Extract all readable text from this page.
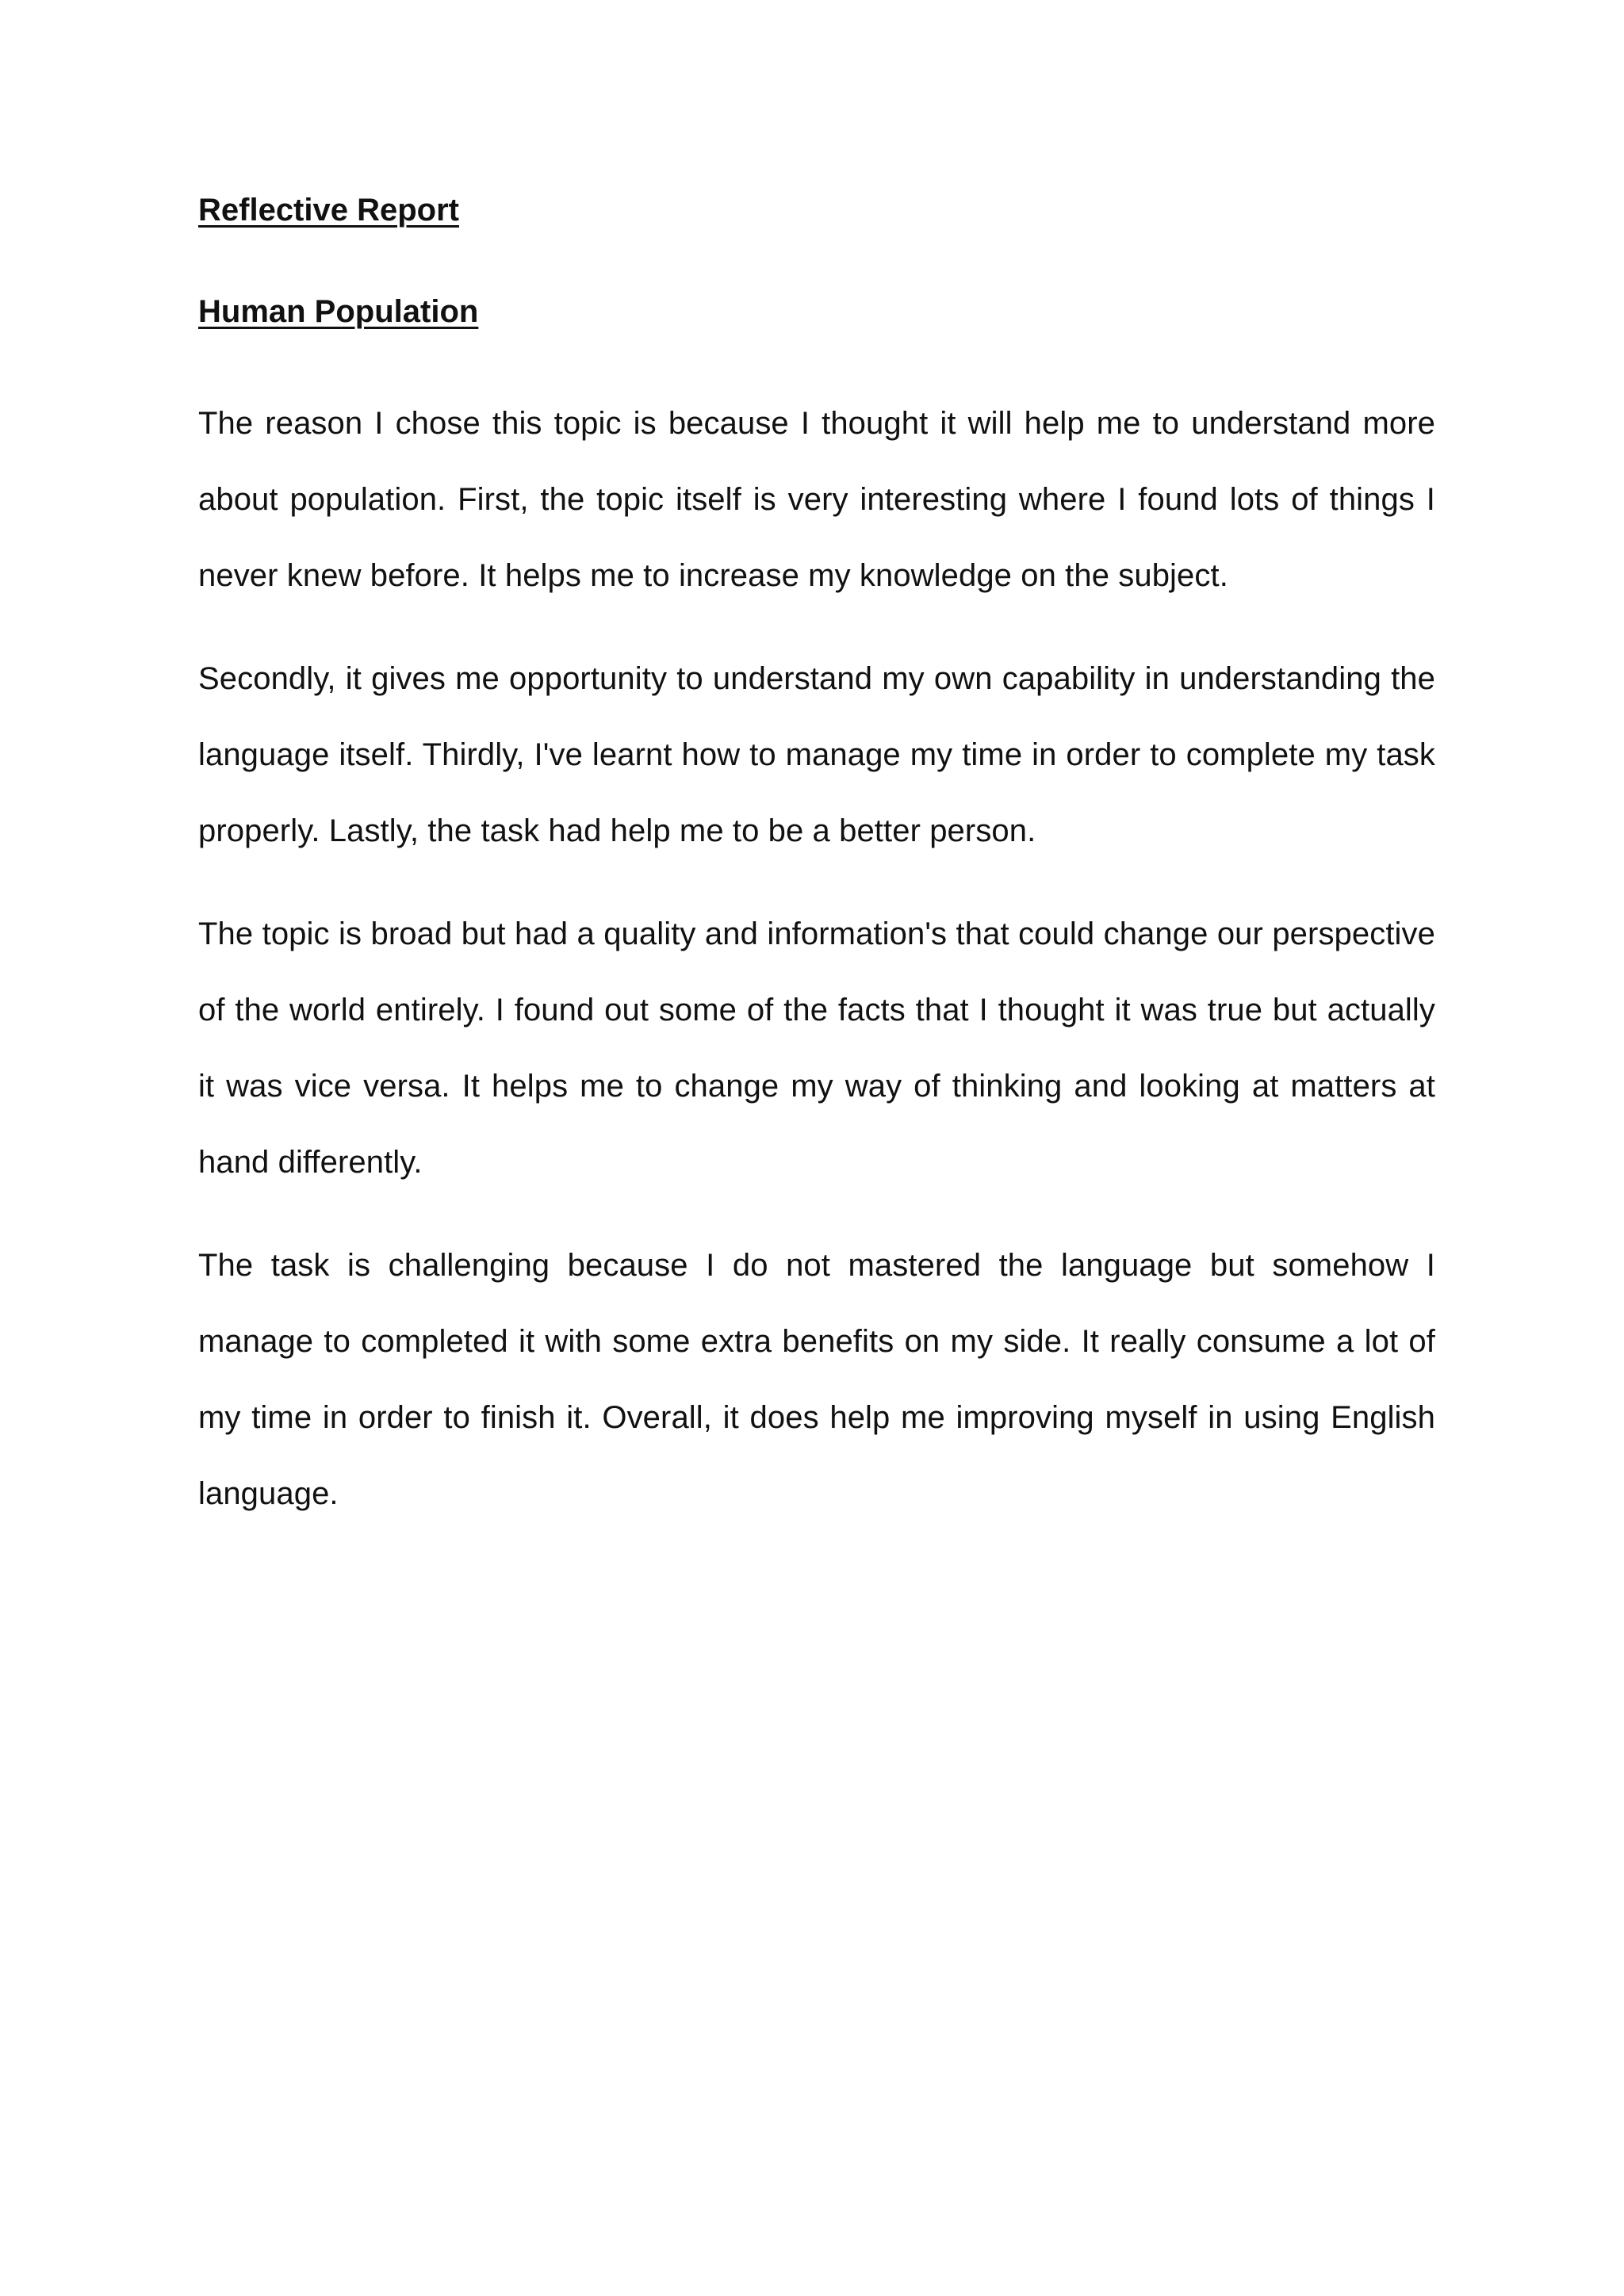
Reflective Report
Human Population

The reason I chose this topic is because I thought it will help me to understand more about population. First, the topic itself is very interesting where I found lots of things I never knew before. It helps me to increase my knowledge on the subject.

Secondly, it gives me opportunity to understand my own capability in understanding the language itself. Thirdly, I've learnt how to manage my time in order to complete my task properly. Lastly, the task had help me to be a better person.

The topic is broad but had a quality and information's that could change our perspective of the world entirely. I found out some of the facts that I thought it was true but actually it was vice versa. It helps me to change my way of thinking and looking at matters at hand differently.

The task is challenging because I do not mastered the language but somehow I manage to completed it with some extra benefits on my side. It really consume a lot of my time in order to finish it. Overall, it does help me improving myself in using English language.
